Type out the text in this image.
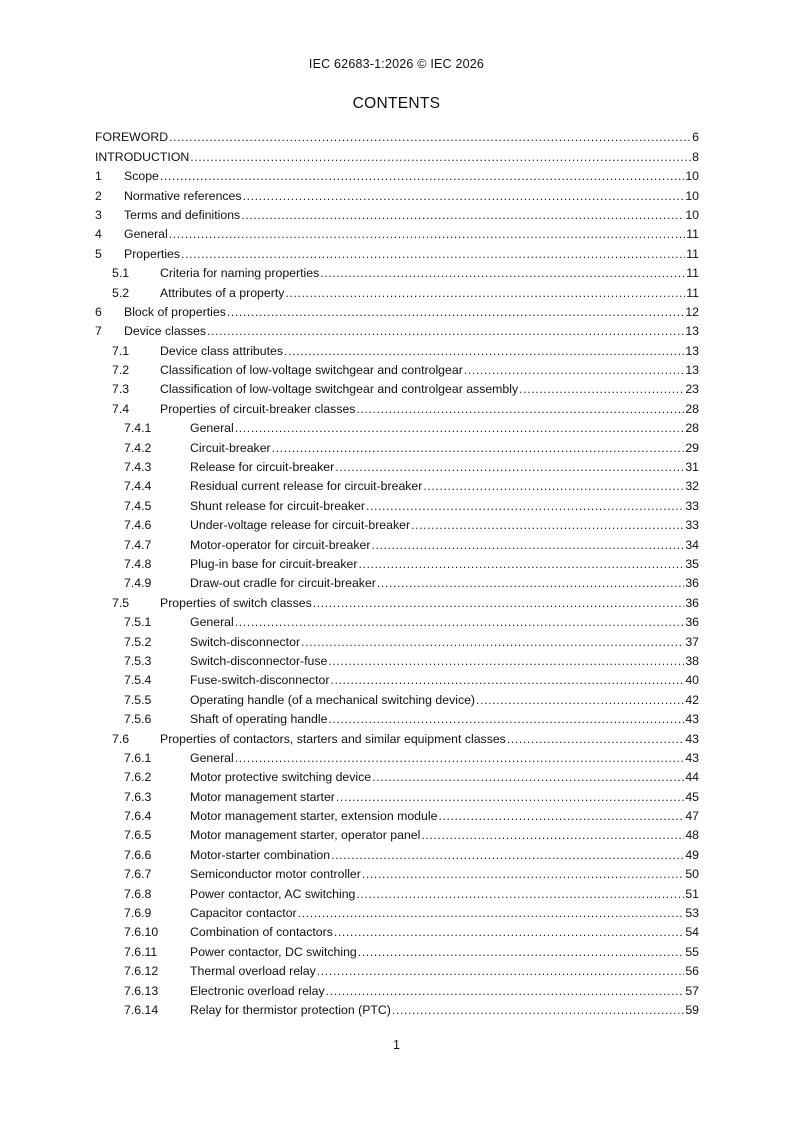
IEC 62683-1:2026 © IEC 2026
CONTENTS
FOREWORD .....	6
INTRODUCTION .....	8
1	Scope .....	10
2	Normative references .....	10
3	Terms and definitions .....	10
4	General .....	11
5	Properties .....	11
5.1	Criteria for naming properties .....	11
5.2	Attributes of a property .....	11
6	Block of properties .....	12
7	Device classes .....	13
7.1	Device class attributes .....	13
7.2	Classification of low-voltage switchgear and controlgear .....	13
7.3	Classification of low-voltage switchgear and controlgear assembly .....	23
7.4	Properties of circuit-breaker classes .....	28
7.4.1	General .....	28
7.4.2	Circuit-breaker .....	29
7.4.3	Release for circuit-breaker .....	31
7.4.4	Residual current release for circuit-breaker .....	32
7.4.5	Shunt release for circuit-breaker .....	33
7.4.6	Under-voltage release for circuit-breaker .....	33
7.4.7	Motor-operator for circuit-breaker .....	34
7.4.8	Plug-in base for circuit-breaker .....	35
7.4.9	Draw-out cradle for circuit-breaker .....	36
7.5	Properties of switch classes .....	36
7.5.1	General .....	36
7.5.2	Switch-disconnector .....	37
7.5.3	Switch-disconnector-fuse .....	38
7.5.4	Fuse-switch-disconnector .....	40
7.5.5	Operating handle (of a mechanical switching device) .....	42
7.5.6	Shaft of operating handle .....	43
7.6	Properties of contactors, starters and similar equipment classes .....	43
7.6.1	General .....	43
7.6.2	Motor protective switching device .....	44
7.6.3	Motor management starter .....	45
7.6.4	Motor management starter, extension module .....	47
7.6.5	Motor management starter, operator panel .....	48
7.6.6	Motor-starter combination .....	49
7.6.7	Semiconductor motor controller .....	50
7.6.8	Power contactor, AC switching .....	51
7.6.9	Capacitor contactor .....	53
7.6.10	Combination of contactors .....	54
7.6.11	Power contactor, DC switching .....	55
7.6.12	Thermal overload relay .....	56
7.6.13	Electronic overload relay .....	57
7.6.14	Relay for thermistor protection (PTC) .....	59
1
